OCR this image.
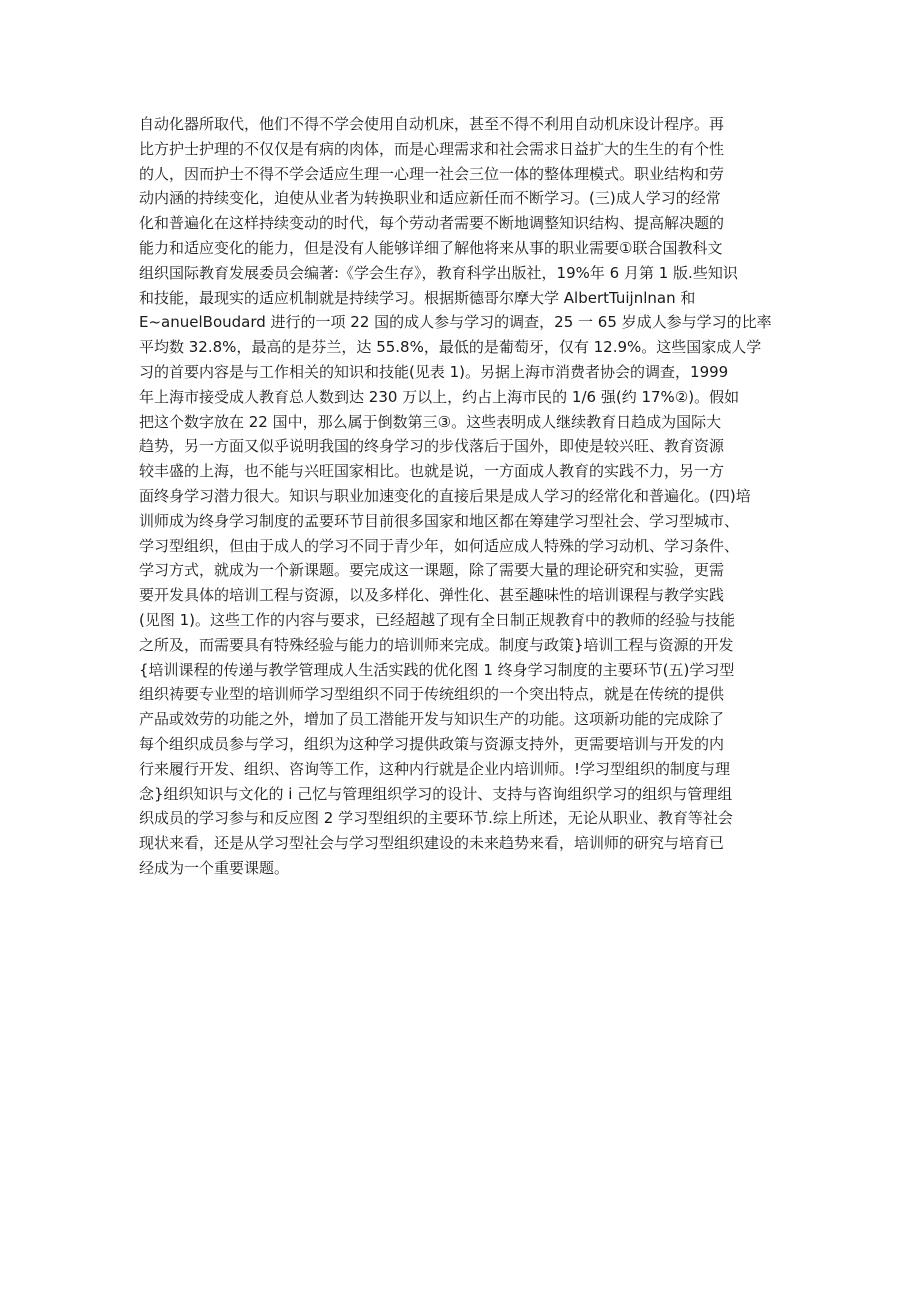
自动化器所取代，他们不得不学会使用自动机床，甚至不得不利用自动机床设计程序。再
比方护士护理的不仅仅是有病的肉体，而是心理需求和社会需求日益扩大的生生的有个性
的人，因而护士不得不学会适应生理一心理一社会三位一体的整体理模式。职业结构和劳
动内涵的持续变化，迫使从业者为转换职业和适应新任而不断学习。(三)成人学习的经常
化和普遍化在这样持续变动的时代，每个劳动者需要不断地调整知识结构、提高解决题的
能力和适应变化的能力，但是没有人能够详细了解他将来从事的职业需要①联合国教科文
组织国际教育发展委员会编著:《学会生存》，教育科学出版社，19%年 6 月第 1 版.些知识
和技能，最现实的适应机制就是持续学习。根据斯德哥尔摩大学 AlbertTuijnlnan 和
E~anuelBoudard 进行的一项 22 国的成人参与学习的调查，25 一 65 岁成人参与学习的比率
平均数 32.8%，最高的是芬兰，达 55.8%，最低的是葡萄牙，仅有 12.9%。这些国家成人学
习的首要内容是与工作相关的知识和技能(见表 1)。另据上海市消费者协会的调查，1999
年上海市接受成人教育总人数到达 230 万以上，约占上海市民的 1/6 强(约 17%②)。假如
把这个数字放在 22 国中，那么属于倒数第三③。这些表明成人继续教育日趋成为国际大
趋势，另一方面又似乎说明我国的终身学习的步伐落后于国外，即使是较兴旺、教育资源
较丰盛的上海，也不能与兴旺国家相比。也就是说，一方面成人教育的实践不力，另一方
面终身学习潜力很大。知识与职业加速变化的直接后果是成人学习的经常化和普遍化。(四)培
训师成为终身学习制度的孟要环节目前很多国家和地区都在筹建学习型社会、学习型城市、
学习型组织，但由于成人的学习不同于青少年，如何适应成人特殊的学习动机、学习条件、
学习方式，就成为一个新课题。要完成这一课题，除了需要大量的理论研究和实验，更需
要开发具体的培训工程与资源，以及多样化、弹性化、甚至趣味性的培训课程与教学实践
(见图 1)。这些工作的内容与要求，已经超越了现有全日制正规教育中的教师的经验与技能
之所及，而需要具有特殊经验与能力的培训师来完成。制度与政策}培训工程与资源的开发
{培训课程的传递与教学管理成人生活实践的优化图 1 终身学习制度的主要环节(五)学习型
组织祷要专业型的培训师学习型组织不同于传统组织的一个突出特点，就是在传统的提供
产品或效劳的功能之外，增加了员工潜能开发与知识生产的功能。这项新功能的完成除了
每个组织成员参与学习，组织为这种学习提供政策与资源支持外，更需要培训与开发的内
行来履行开发、组织、咨询等工作，这种内行就是企业内培训师。!学习型组织的制度与理
念}组织知识与文化的 i 己忆与管理组织学习的设计、支持与咨询组织学习的组织与管理组
织成员的学习参与和反应图 2 学习型组织的主要环节.综上所述，无论从职业、教育等社会
现状来看，还是从学习型社会与学习型组织建设的未来趋势来看，培训师的研究与培育已
经成为一个重要课题。
